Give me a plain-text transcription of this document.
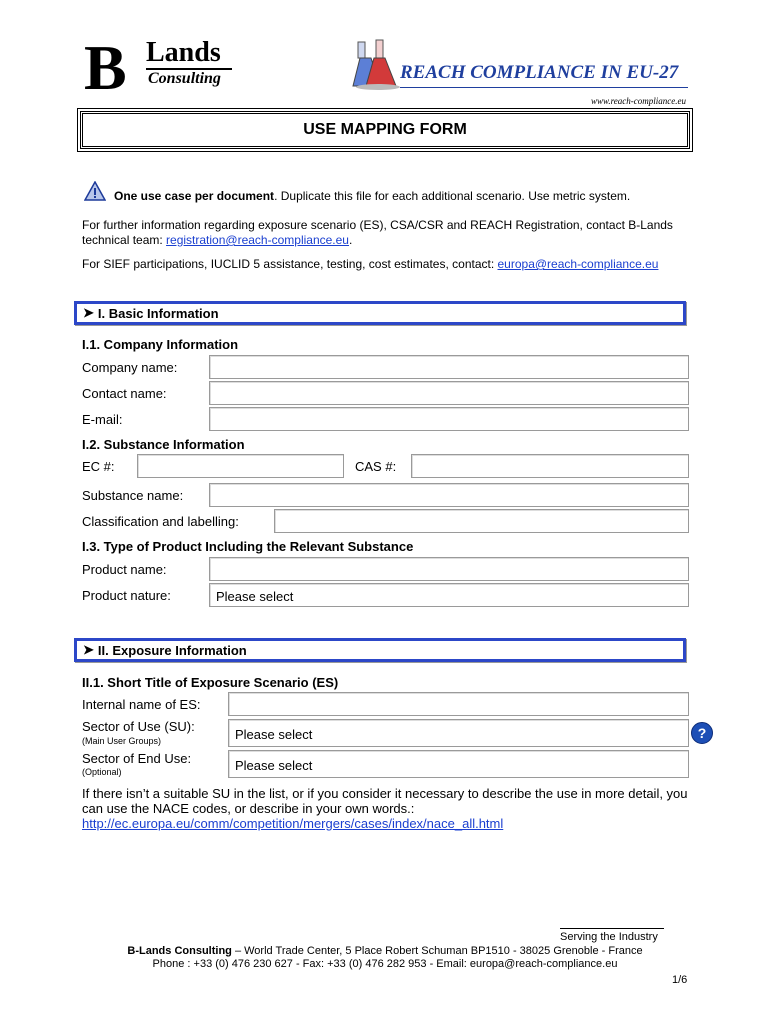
B Lands
Consulting	REACH COMPLIANCE IN EU-27
www.reach-compliance.eu
USE MAPPING FORM
One use case per document. Duplicate this file for each additional scenario. Use metric system.
For further information regarding exposure scenario (ES), CSA/CSR and REACH Registration, contact B-Lands technical team: registration@reach-compliance.eu.
For SIEF participations, IUCLID 5 assistance, testing, cost estimates, contact: europa@reach-compliance.eu
➤ I. Basic Information
I.1. Company Information
Company name:
Contact name:
E-mail:
I.2. Substance Information
EC #:	CAS #:
Substance name:
Classification and labelling:
I.3. Type of Product Including the Relevant Substance
Product name:
Product nature:	Please select
➤ II. Exposure Information
II.1. Short Title of Exposure Scenario (ES)
Internal name of ES:
Sector of Use (SU):
(Main User Groups)	Please select	?
Sector of End Use:
(Optional)	Please select
If there isn’t a suitable SU in the list, or if you consider it necessary to describe the use in more detail, you can use the NACE codes, or describe in your own words.:
http://ec.europa.eu/comm/competition/mergers/cases/index/nace_all.html
Serving the Industry
B-Lands Consulting – World Trade Center, 5 Place Robert Schuman BP1510 - 38025 Grenoble - France
Phone : +33 (0) 476 230 627 - Fax: +33 (0) 476 282 953 - Email: europa@reach-compliance.eu
1/6
